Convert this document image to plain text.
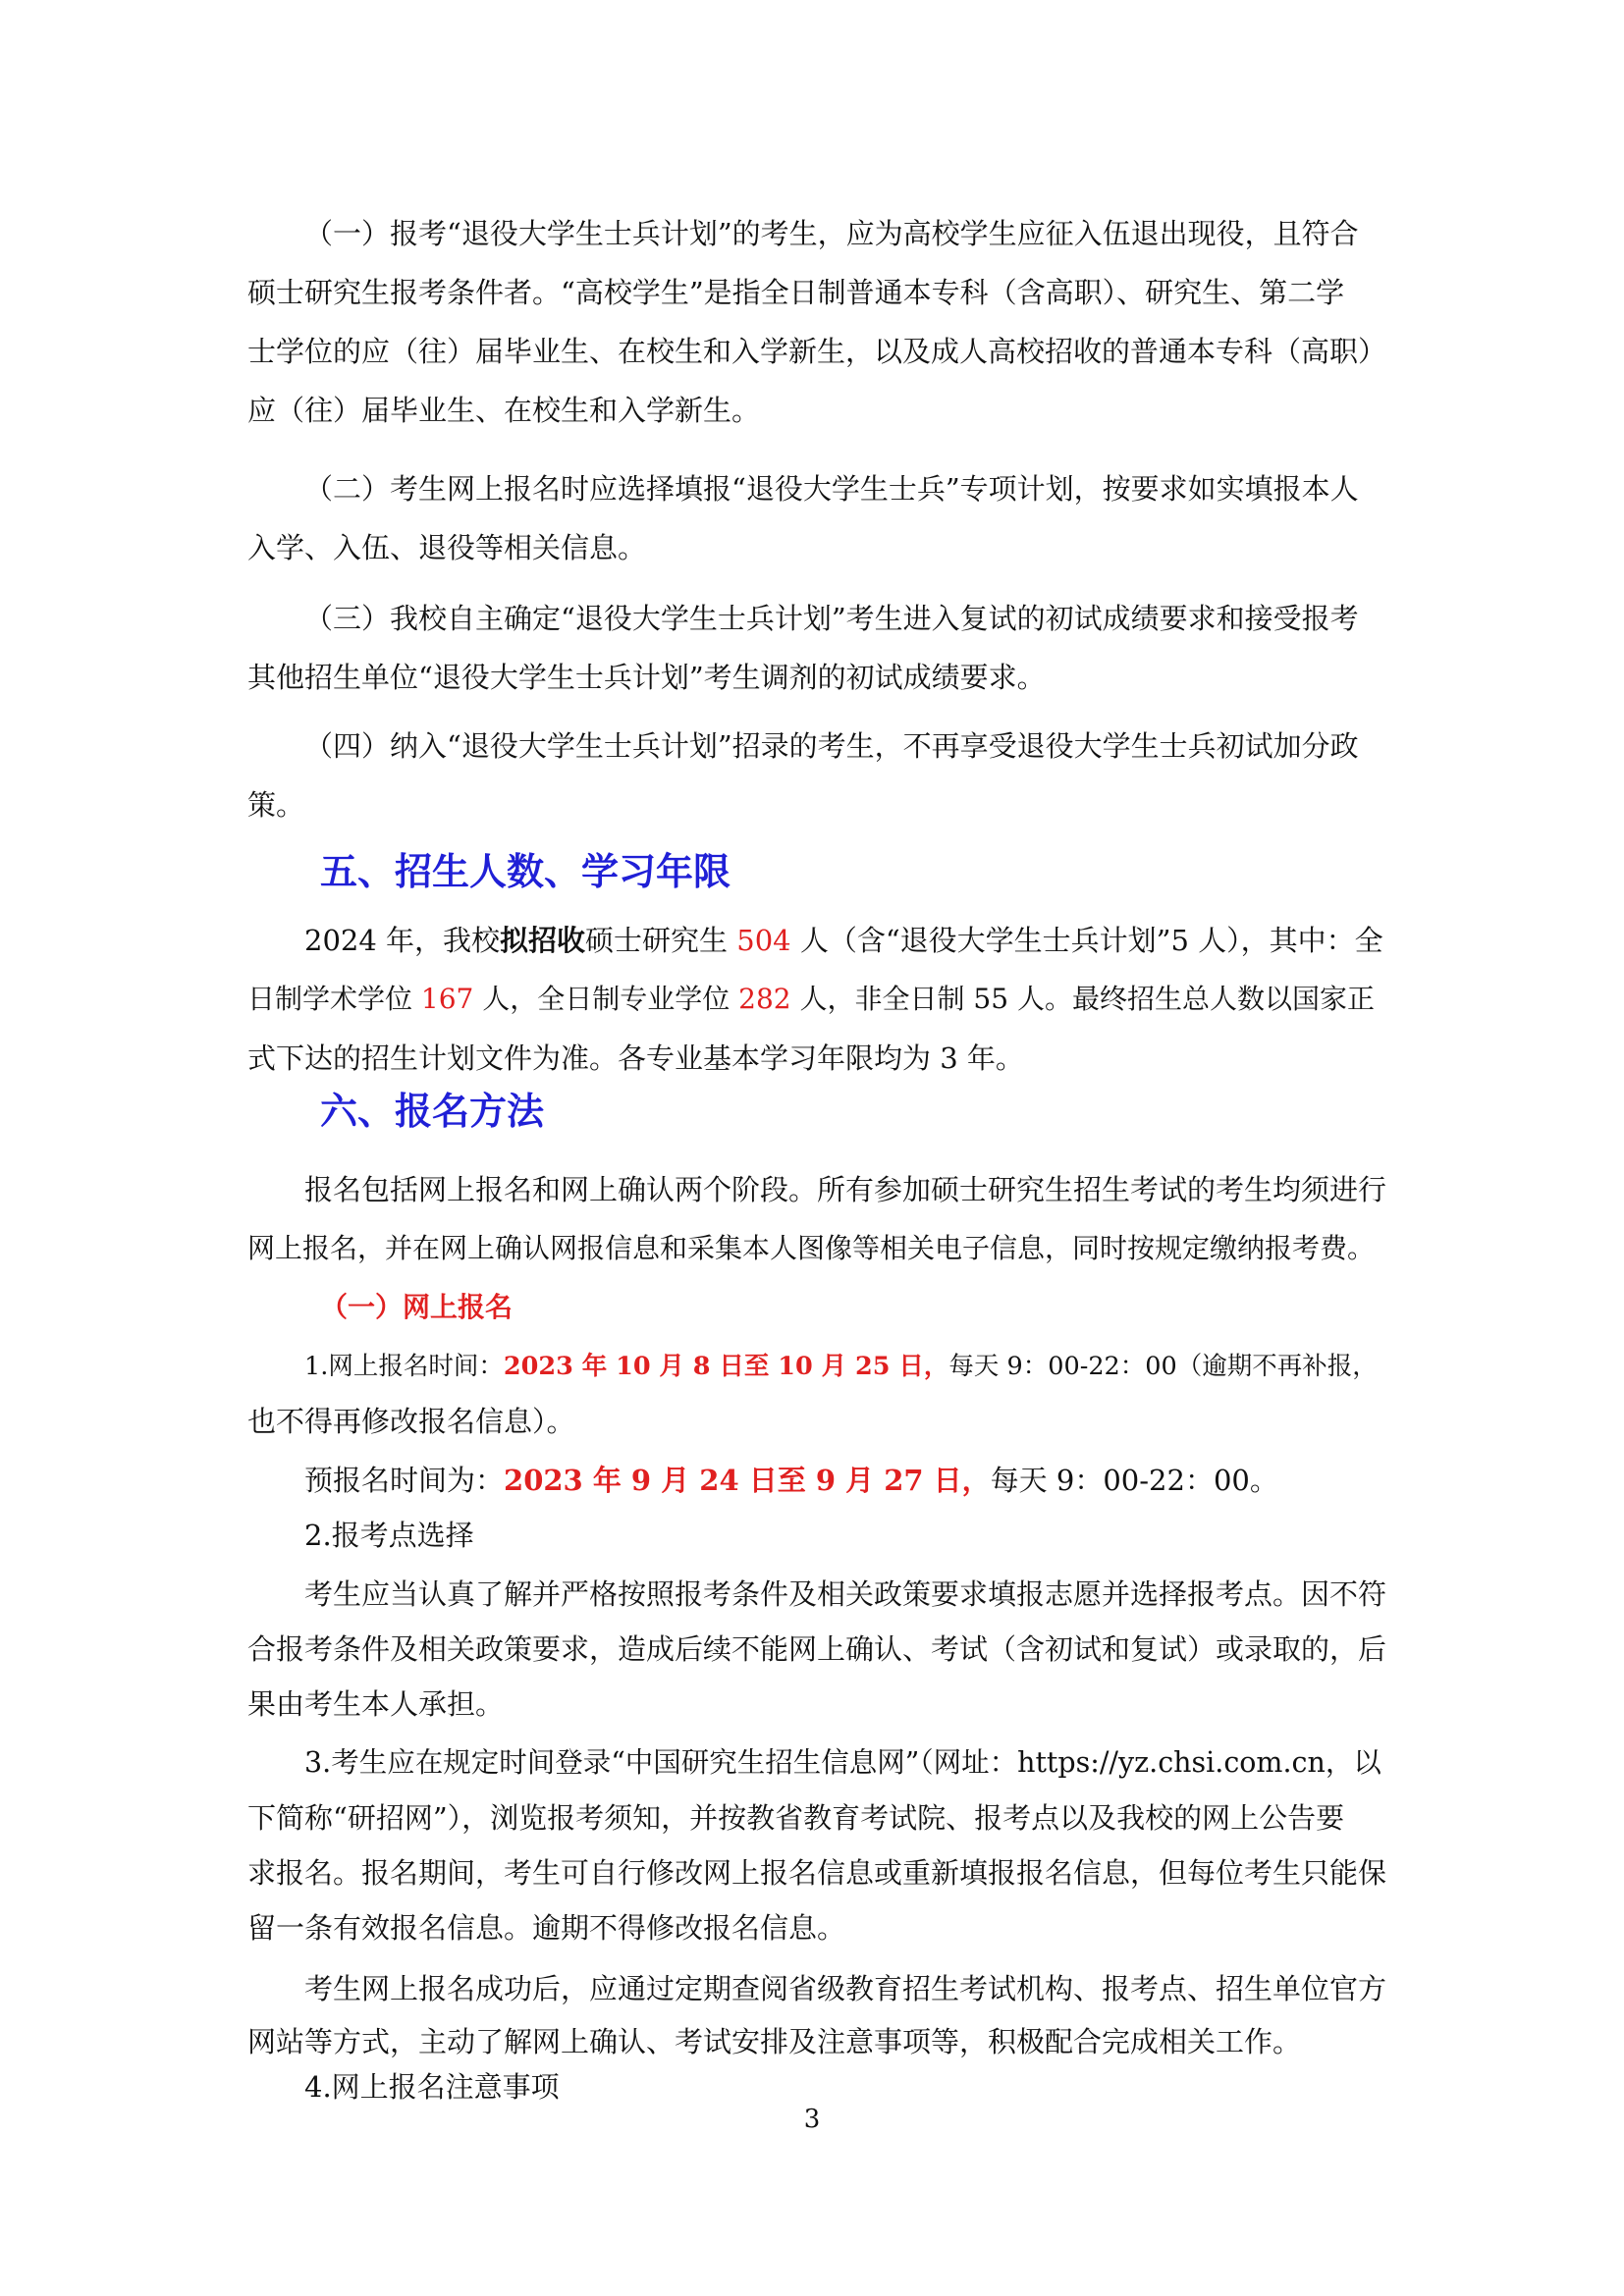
（一）报考“退役大学生士兵计划”的考生，应为高校学生应征入伍退出现役，且符合
硕士研究生报考条件者。“高校学生”是指全日制普通本专科（含高职）、研究生、第二学
士学位的应（往）届毕业生、在校生和入学新生，以及成人高校招收的普通本专科（高职）
应（往）届毕业生、在校生和入学新生。
（二）考生网上报名时应选择填报“退役大学生士兵”专项计划，按要求如实填报本人
入学、入伍、退役等相关信息。
（三）我校自主确定“退役大学生士兵计划”考生进入复试的初试成绩要求和接受报考
其他招生单位“退役大学生士兵计划”考生调剂的初试成绩要求。
（四）纳入“退役大学生士兵计划”招录的考生，不再享受退役大学生士兵初试加分政
策。
五、招生人数、学习年限
2024 年，我校拟招收硕士研究生 504 人（含“退役大学生士兵计划”5 人），其中：全
日制学术学位 167 人，全日制专业学位 282 人，非全日制 55 人。最终招生总人数以国家正
式下达的招生计划文件为准。各专业基本学习年限均为 3 年。
六、报名方法
报名包括网上报名和网上确认两个阶段。所有参加硕士研究生招生考试的考生均须进行
网上报名，并在网上确认网报信息和采集本人图像等相关电子信息，同时按规定缴纳报考费。
（一）网上报名
1.网上报名时间：2023 年 10 月 8 日至 10 月 25 日，每天 9：00-22：00（逾期不再补报，
也不得再修改报名信息）。
预报名时间为：2023 年 9 月 24 日至 9 月 27 日，每天 9：00-22：00。
2.报考点选择
考生应当认真了解并严格按照报考条件及相关政策要求填报志愿并选择报考点。因不符
合报考条件及相关政策要求，造成后续不能网上确认、考试（含初试和复试）或录取的，后
果由考生本人承担。
3.考生应在规定时间登录“中国研究生招生信息网”（网址：https://yz.chsi.com.cn，以
下简称“研招网”），浏览报考须知，并按教省教育考试院、报考点以及我校的网上公告要
求报名。报名期间，考生可自行修改网上报名信息或重新填报报名信息，但每位考生只能保
留一条有效报名信息。逾期不得修改报名信息。
考生网上报名成功后，应通过定期查阅省级教育招生考试机构、报考点、招生单位官方
网站等方式，主动了解网上确认、考试安排及注意事项等，积极配合完成相关工作。
4.网上报名注意事项
3
